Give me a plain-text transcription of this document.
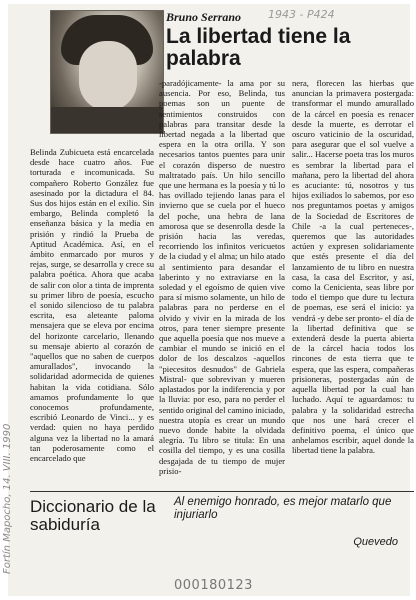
Bruno Serrano 1943 - P424
La libertad tiene la palabra
Fortín Mapocho, 14. VIII. 1990
Belinda Zubicueta está encarcelada desde hace cuatro años. Fue torturada e incomunicada. Su compañero Roberto González fue asesinado por la dictadura el 84. Sus dos hijos están en el exilio. Sin embargo, Belinda completó la enseñanza básica y la media en prisión y rindió la Prueba de Aptitud Académica. Así, en el ámbito enmarcado por muros y rejas, surge, se desarrolla y crece su palabra poética. Ahora que acaba de salir con olor a tinta de imprenta su primer libro de poesía, escucho el sonido silencioso de tu palabra escrita, esa aleteante paloma mensajera que se eleva por encima del horizonte carcelario, llenando su mensaje abierto al corazón de "aquellos que no saben de cuerpos amurallados", invocando la solidaridad adormecida de quienes habitan la vida cotidiana. Sólo amamos profundamente lo que conocemos profundamente, escribió Leonardo de Vinci... y es verdad: quien no haya perdido alguna vez la libertad no la amará tan poderosamente como el encarcelado que
-paradójicamente- la ama por su ausencia. Por eso, Belinda, tus poemas son un puente de sentimientos construidos con palabras para transitar desde la libertad negada a la libertad que espera en la otra orilla. Y son necesarios tantos puentes para unir el corazón disperso de nuestro maltratado país. Un hilo sencillo que une hermana es la poesía y tú lo has ovillado tejiendo lanas para el invierno que se cuela por el hueco del poche, una hebra de lana amorosa que se desenrolla desde la prisión hacia las veredas, recorriendo los infinitos vericuetos de la ciudad y el alma; un hilo atado al sentimiento para desandar el laberinto y no extraviarse en la soledad y el egoísmo de quien vive para sí mismo solamente, un hilo de palabras para no perderse en el olvido y vivir en la mirada de los otros, para tener siempre presente que aquella poesía que nos mueve a cambiar el mundo se inició en el dolor de los descalzos -aquellos "piecesitos desnudos" de Gabriela Mistral- que sobrevivan y mueren aplastados por la indiferencia y por la lluvia: por eso, para no perder el sentido original del camino iniciado, nuestra utopía es crear un mundo nuevo donde habite la olvidada alegría. Tu libro se titula: En una cosilla del tiempo, y es una cosilla desgajada de tu tiempo de mujer prisio-
nera, florecen las hierbas que anuncian la primavera postergada: transformar el mundo amurallado de la cárcel en poesía es renacer desde la muerte, es derrotar el oscuro vaticinio de la oscuridad, para asegurar que el sol vuelve a salir... Hacerse poeta tras los muros es sembrar la libertad para el mañana, pero la libertad del ahora es acuciante: tú, nosotros y tus hijos exiliados lo sabemos, por eso nos preguntamos poetas y amigos de la Sociedad de Escritores de Chile -a la cual perteneces-, queremos que las autoridades actúen y expresen solidariamente que estés presente el día del lanzamiento de tu libro en nuestra casa, la casa del Escritor, y así, como la Cenicienta, seas libre por todo el tiempo que dure tu lectura de poemas, ese será el inicio: ya vendrá -y debe ser pronto- el día de la libertad definitiva que se extenderá desde la puerta abierta de la cárcel hacia todos los rincones de esta tierra que te espera, que las espera, compañeras prisioneras, postergadas aún de aquella libertad por la cual han luchado. Aquí te aguardamos: tu palabra y la solidaridad estrecha que nos une hará crecer el definitivo poema, el único que anhelamos escribir, aquel donde la libertad tiene la palabra.
Diccionario de la sabiduría
Al enemigo honrado, es mejor matarlo que injuriarlo
Quevedo
000180123
